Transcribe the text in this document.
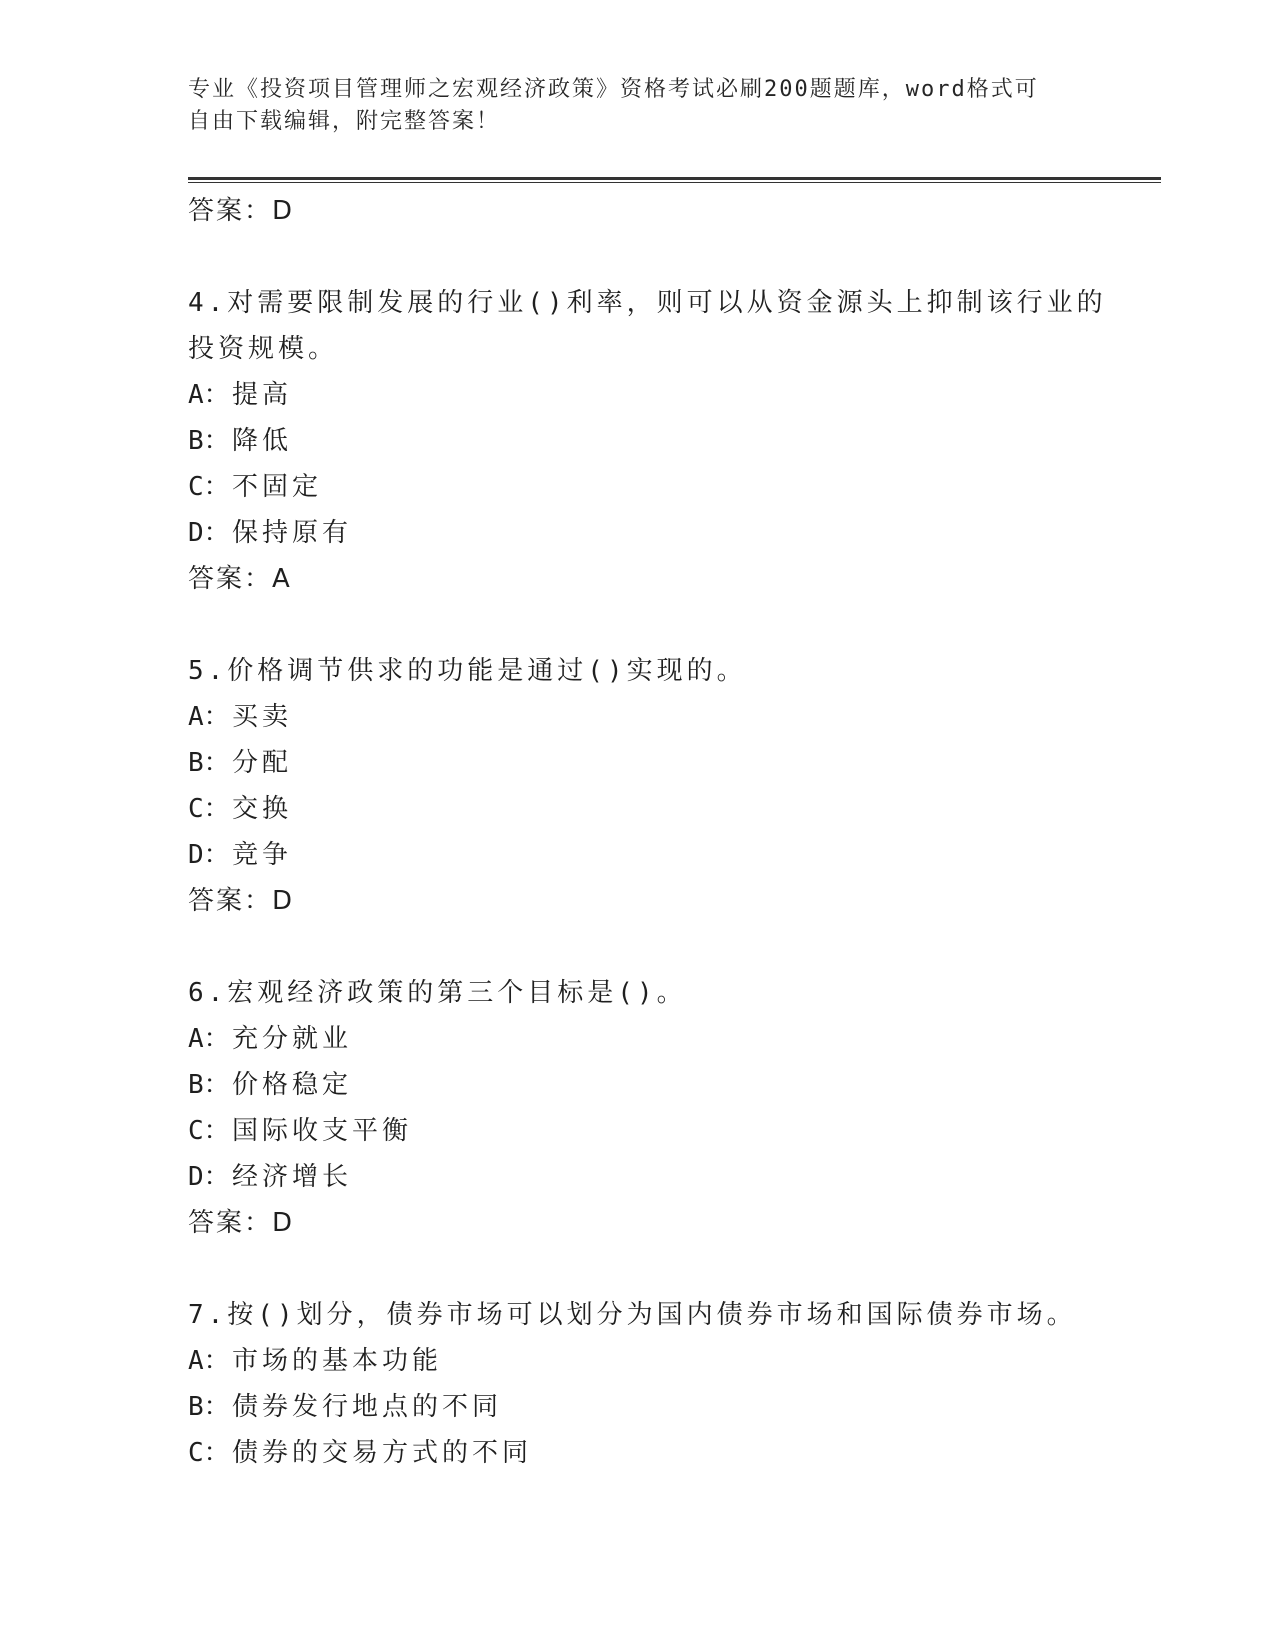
专业《投资项目管理师之宏观经济政策》资格考试必刷200题题库，word格式可
自由下载编辑，附完整答案！
答案：D
4.对需要限制发展的行业()利率，则可以从资金源头上抑制该行业的
投资规模。
A：提高
B：降低
C：不固定
D：保持原有
答案：A
5.价格调节供求的功能是通过()实现的。
A：买卖
B：分配
C：交换
D：竞争
答案：D
6.宏观经济政策的第三个目标是()。
A：充分就业
B：价格稳定
C：国际收支平衡
D：经济增长
答案：D
7.按()划分，债券市场可以划分为国内债券市场和国际债券市场。
A：市场的基本功能
B：债券发行地点的不同
C：债券的交易方式的不同
